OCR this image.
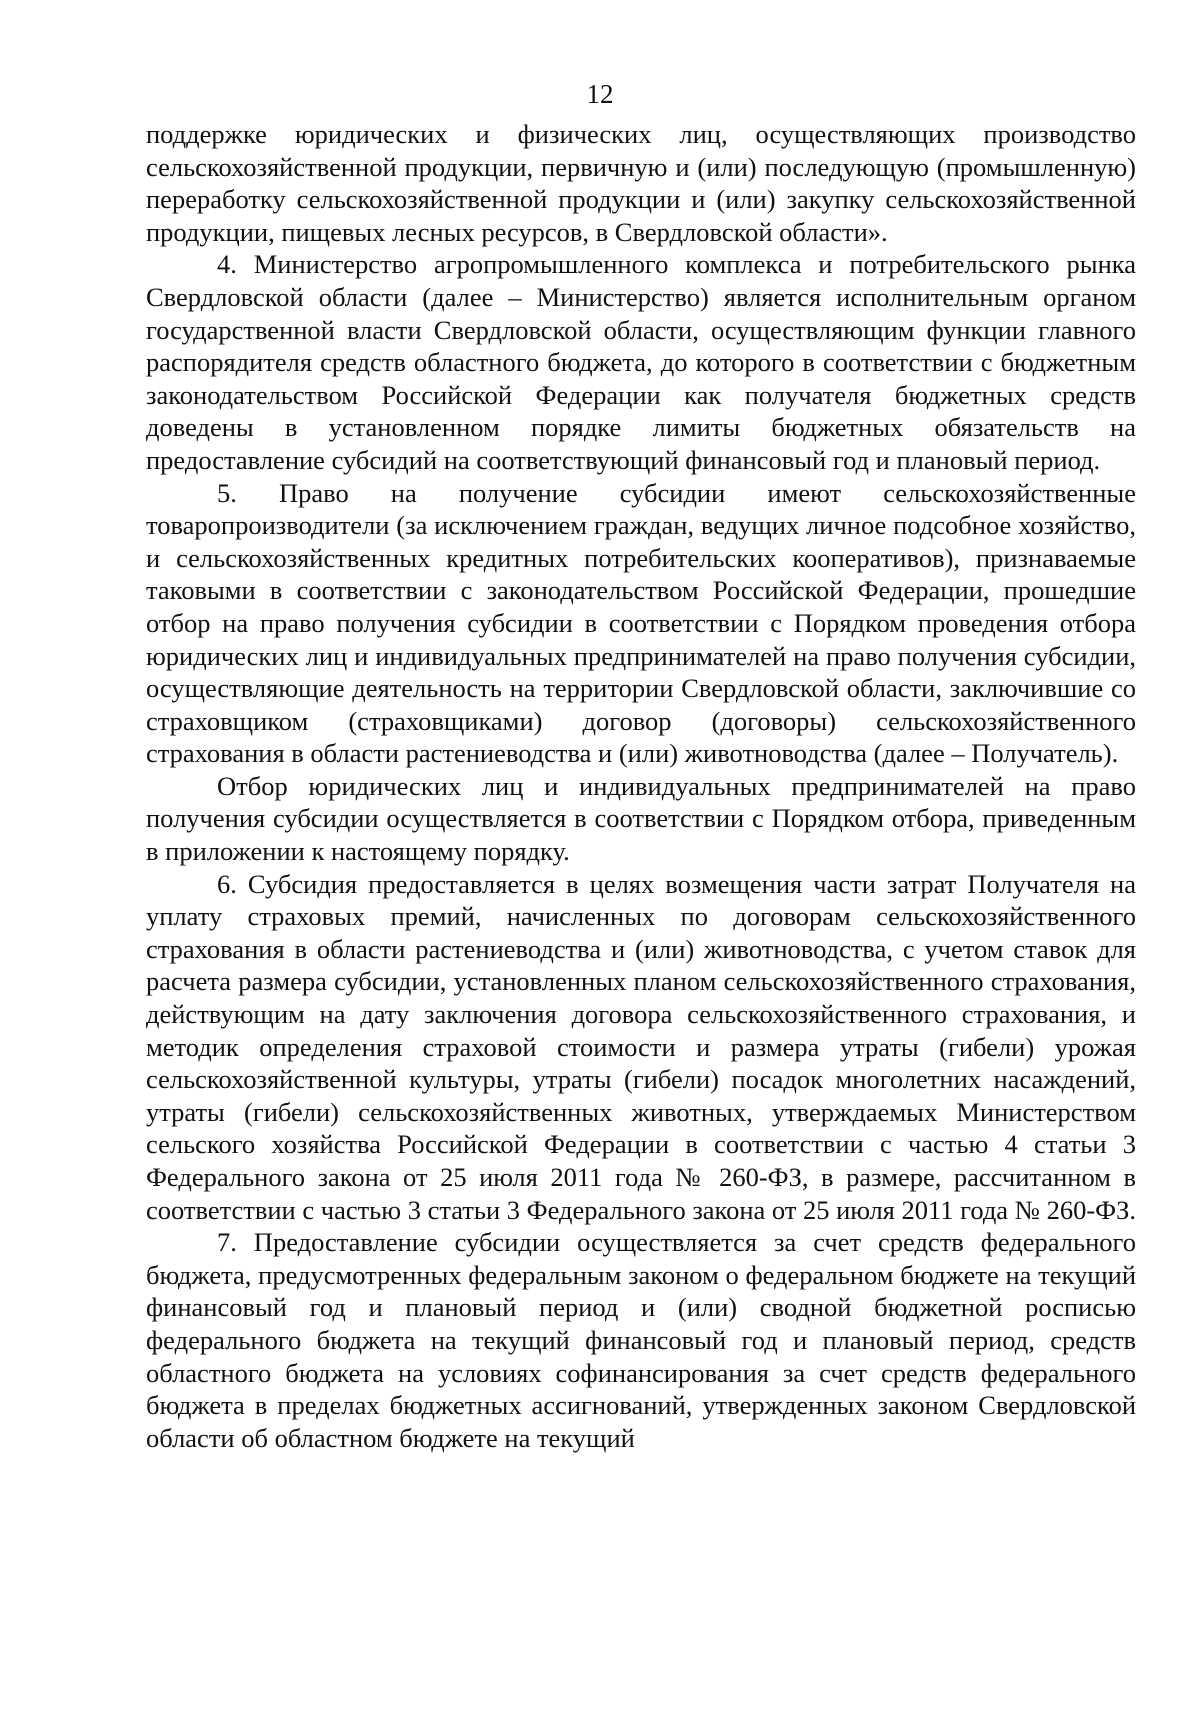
12

поддержке юридических и физических лиц, осуществляющих производство сельскохозяйственной продукции, первичную и (или) последующую (промышленную) переработку сельскохозяйственной продукции и (или) закупку сельскохозяйственной продукции, пищевых лесных ресурсов, в Свердловской области».

4. Министерство агропромышленного комплекса и потребительского рынка Свердловской области (далее – Министерство) является исполнительным органом государственной власти Свердловской области, осуществляющим функции главного распорядителя средств областного бюджета, до которого в соответствии с бюджетным законодательством Российской Федерации как получателя бюджетных средств доведены в установленном порядке лимиты бюджетных обязательств на предоставление субсидий на соответствующий финансовый год и плановый период.

5. Право на получение субсидии имеют сельскохозяйственные товаропроизводители (за исключением граждан, ведущих личное подсобное хозяйство, и сельскохозяйственных кредитных потребительских кооперативов), признаваемые таковыми в соответствии с законодательством Российской Федерации, прошедшие отбор на право получения субсидии в соответствии с Порядком проведения отбора юридических лиц и индивидуальных предпринимателей на право получения субсидии, осуществляющие деятельность на территории Свердловской области, заключившие со страховщиком (страховщиками) договор (договоры) сельскохозяйственного страхования в области растениеводства и (или) животноводства (далее – Получатель).

Отбор юридических лиц и индивидуальных предпринимателей на право получения субсидии осуществляется в соответствии с Порядком отбора, приведенным в приложении к настоящему порядку.

6. Субсидия предоставляется в целях возмещения части затрат Получателя на уплату страховых премий, начисленных по договорам сельскохозяйственного страхования в области растениеводства и (или) животноводства, с учетом ставок для расчета размера субсидии, установленных планом сельскохозяйственного страхования, действующим на дату заключения договора сельскохозяйственного страхования, и методик определения страховой стоимости и размера утраты (гибели) урожая сельскохозяйственной культуры, утраты (гибели) посадок многолетних насаждений, утраты (гибели) сельскохозяйственных животных, утверждаемых Министерством сельского хозяйства Российской Федерации в соответствии с частью 4 статьи 3 Федерального закона от 25 июля 2011 года № 260-ФЗ, в размере, рассчитанном в соответствии с частью 3 статьи 3 Федерального закона от 25 июля 2011 года № 260-ФЗ.

7. Предоставление субсидии осуществляется за счет средств федерального бюджета, предусмотренных федеральным законом о федеральном бюджете на текущий финансовый год и плановый период и (или) сводной бюджетной росписью федерального бюджета на текущий финансовый год и плановый период, средств областного бюджета на условиях софинансирования за счет средств федерального бюджета в пределах бюджетных ассигнований, утвержденных законом Свердловской области об областном бюджете на текущий
